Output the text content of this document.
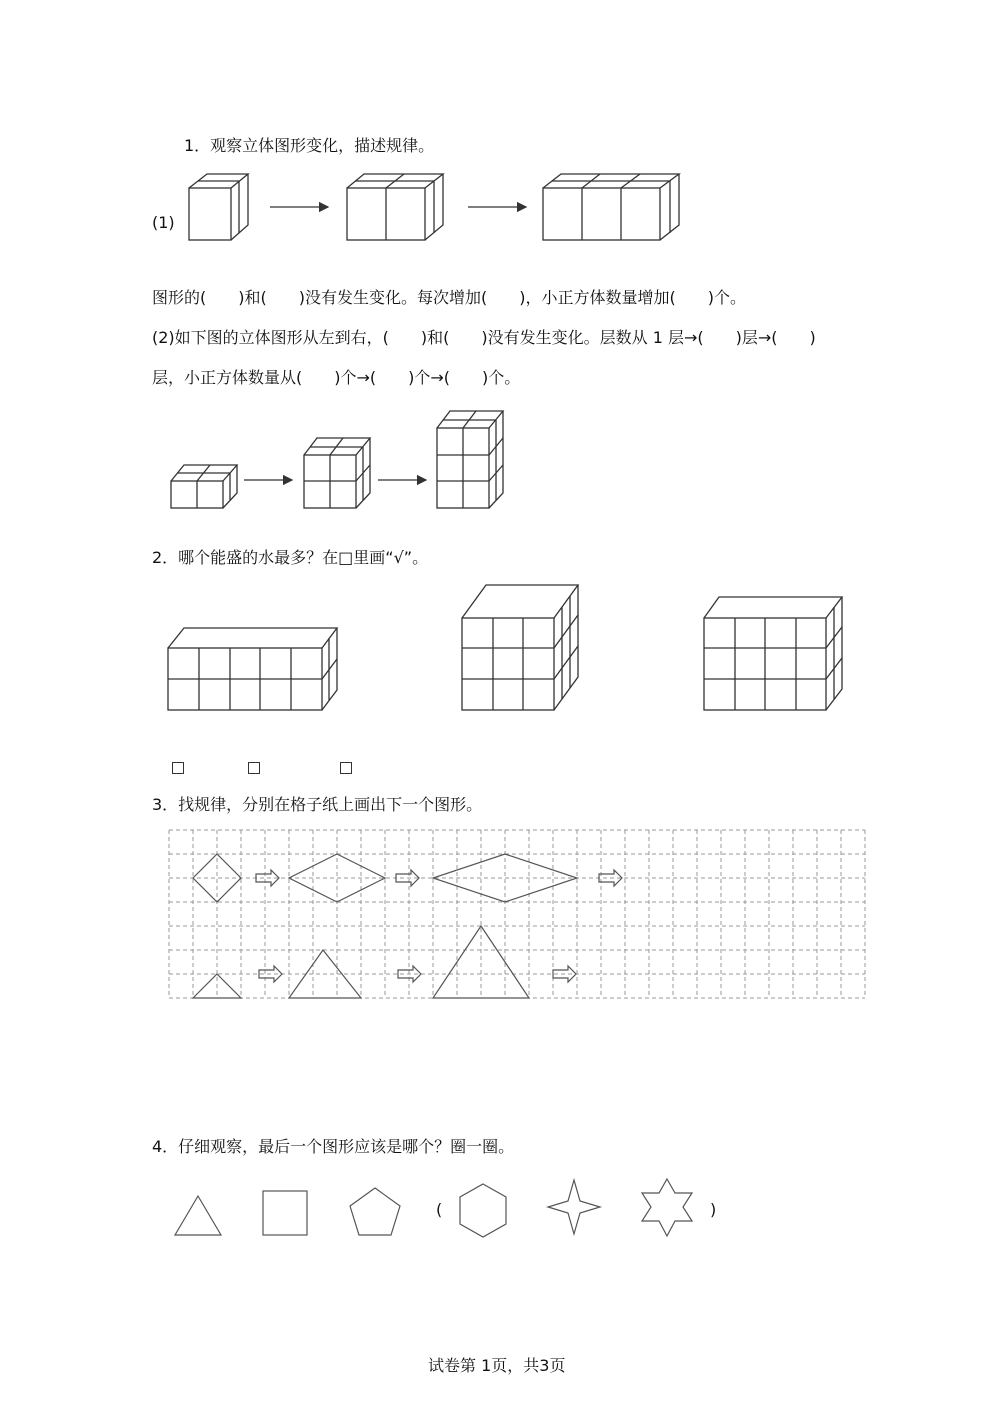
1．观察立体图形变化，描述规律。
(1)
图形的(　　)和(　　)没有发生变化。每次增加(　　)，小正方体数量增加(　　)个。
(2)如下图的立体图形从左到右，(　　)和(　　)没有发生变化。层数从 1 层→(　　)层→(　　)
层，小正方体数量从(　　)个→(　　)个→(　　)个。
2．哪个能盛的水最多？在□里画“√”。
3．找规律，分别在格子纸上画出下一个图形。
4．仔细观察，最后一个图形应该是哪个？圈一圈。
(	)
试卷第 1页，共3页
